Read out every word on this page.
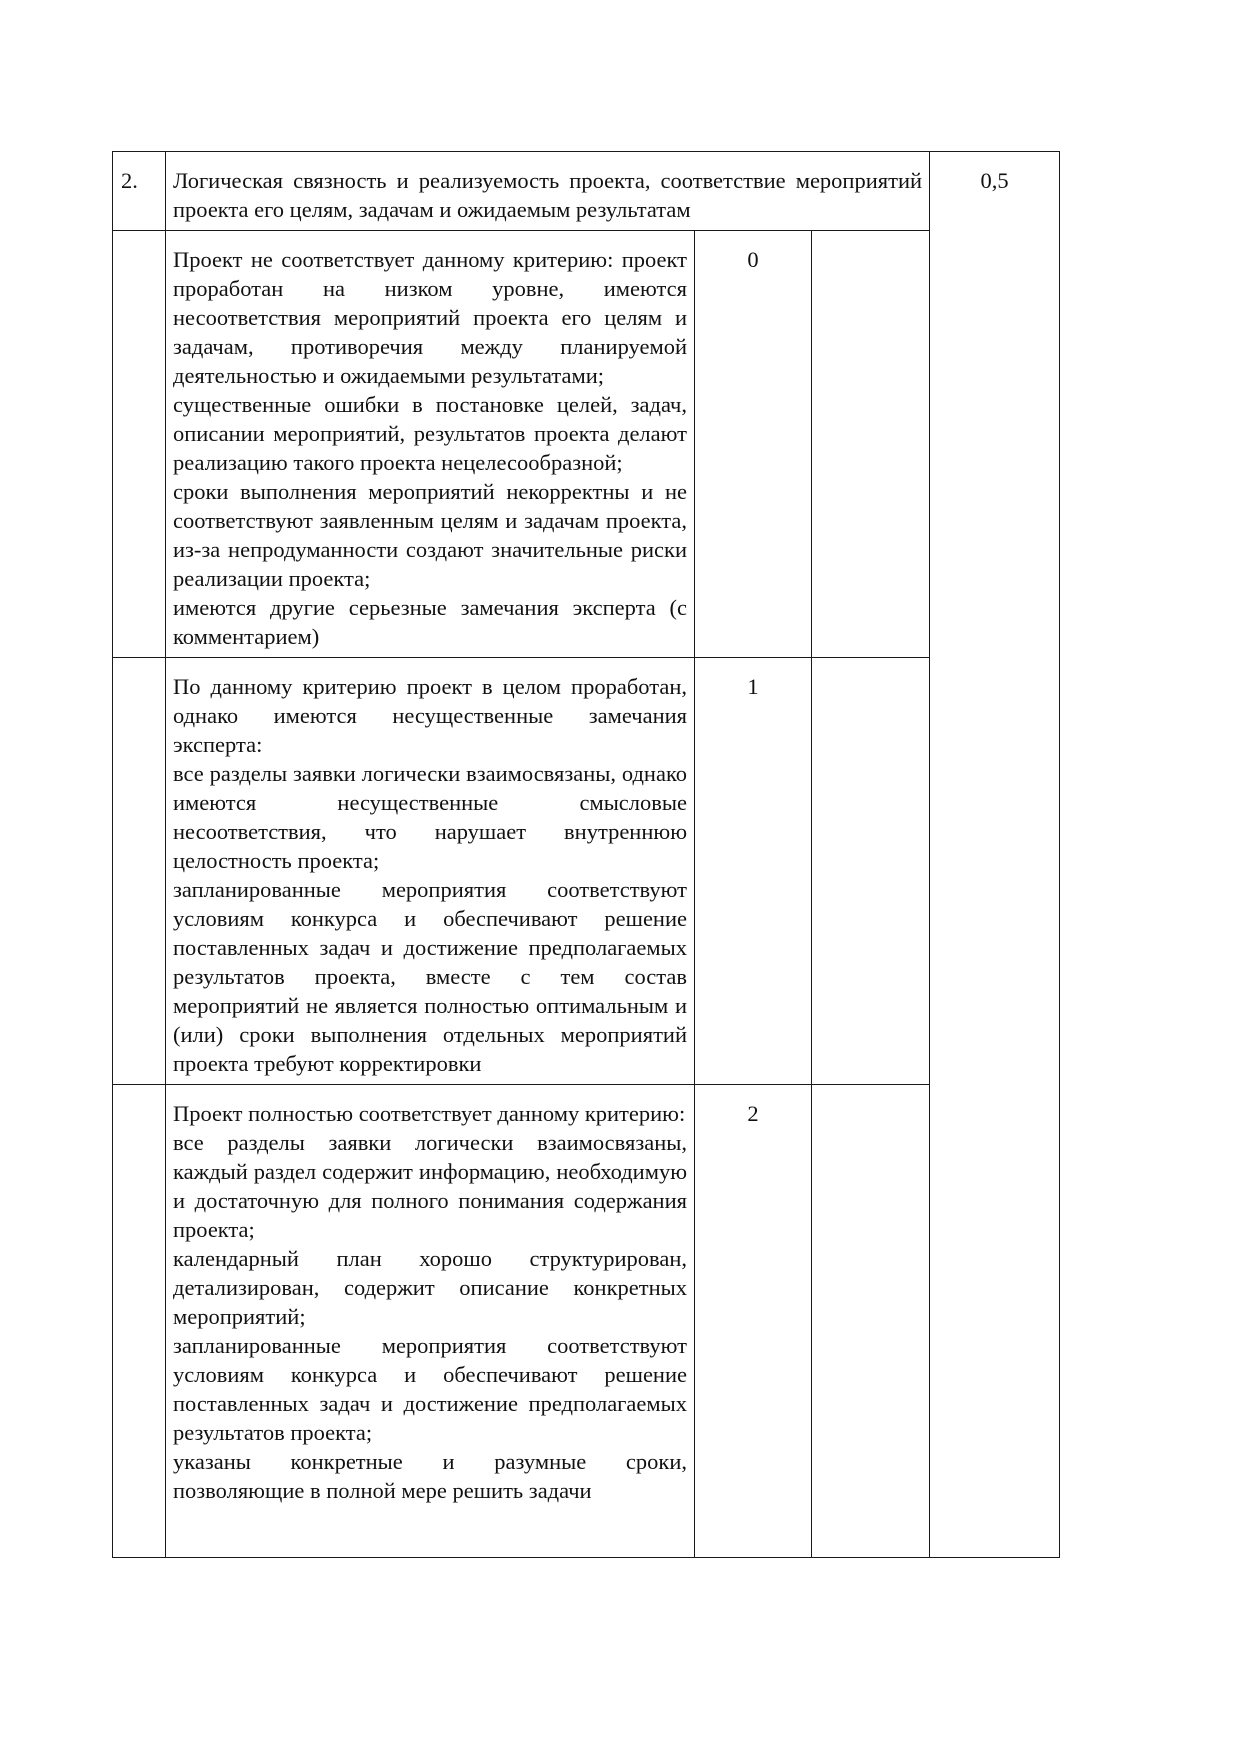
2.	Логическая связность и реализуемость проекта, соответствие мероприятий проекта его целям, задачам и ожидаемым результатам			0,5

	Проект не соответствует данному критерию: проект проработан на низком уровне, имеются несоответствия мероприятий проекта его целям и задачам, противоречия между планируемой деятельностью и ожидаемыми результатами;

существенные ошибки в постановке целей, задач, описании мероприятий, результатов проекта делают реализацию такого проекта нецелесообразной;

сроки выполнения мероприятий некорректны и не соответствуют заявленным целям и задачам проекта, из-за непродуманности создают значительные риски реализации проекта;

имеются другие серьезные замечания эксперта (с комментарием)	0		

	По данному критерию проект в целом проработан, однако имеются несущественные замечания эксперта:

все разделы заявки логически взаимосвязаны, однако имеются несущественные смысловые несоответствия, что нарушает внутреннюю целостность проекта;

запланированные мероприятия соответствуют условиям конкурса и обеспечивают решение поставленных задач и достижение предполагаемых результатов проекта, вместе с тем состав мероприятий не является полностью оптимальным и (или) сроки выполнения отдельных мероприятий проекта требуют корректировки	1		

	Проект полностью соответствует данному критерию:

все разделы заявки логически взаимосвязаны, каждый раздел содержит информацию, необходимую и достаточную для полного понимания содержания проекта;

календарный план хорошо структурирован, детализирован, содержит описание конкретных мероприятий;

запланированные мероприятия соответствуют условиям конкурса и обеспечивают решение поставленных задач и достижение предполагаемых результатов проекта;

указаны конкретные и разумные сроки, позволяющие в полной мере решить задачи	2		
